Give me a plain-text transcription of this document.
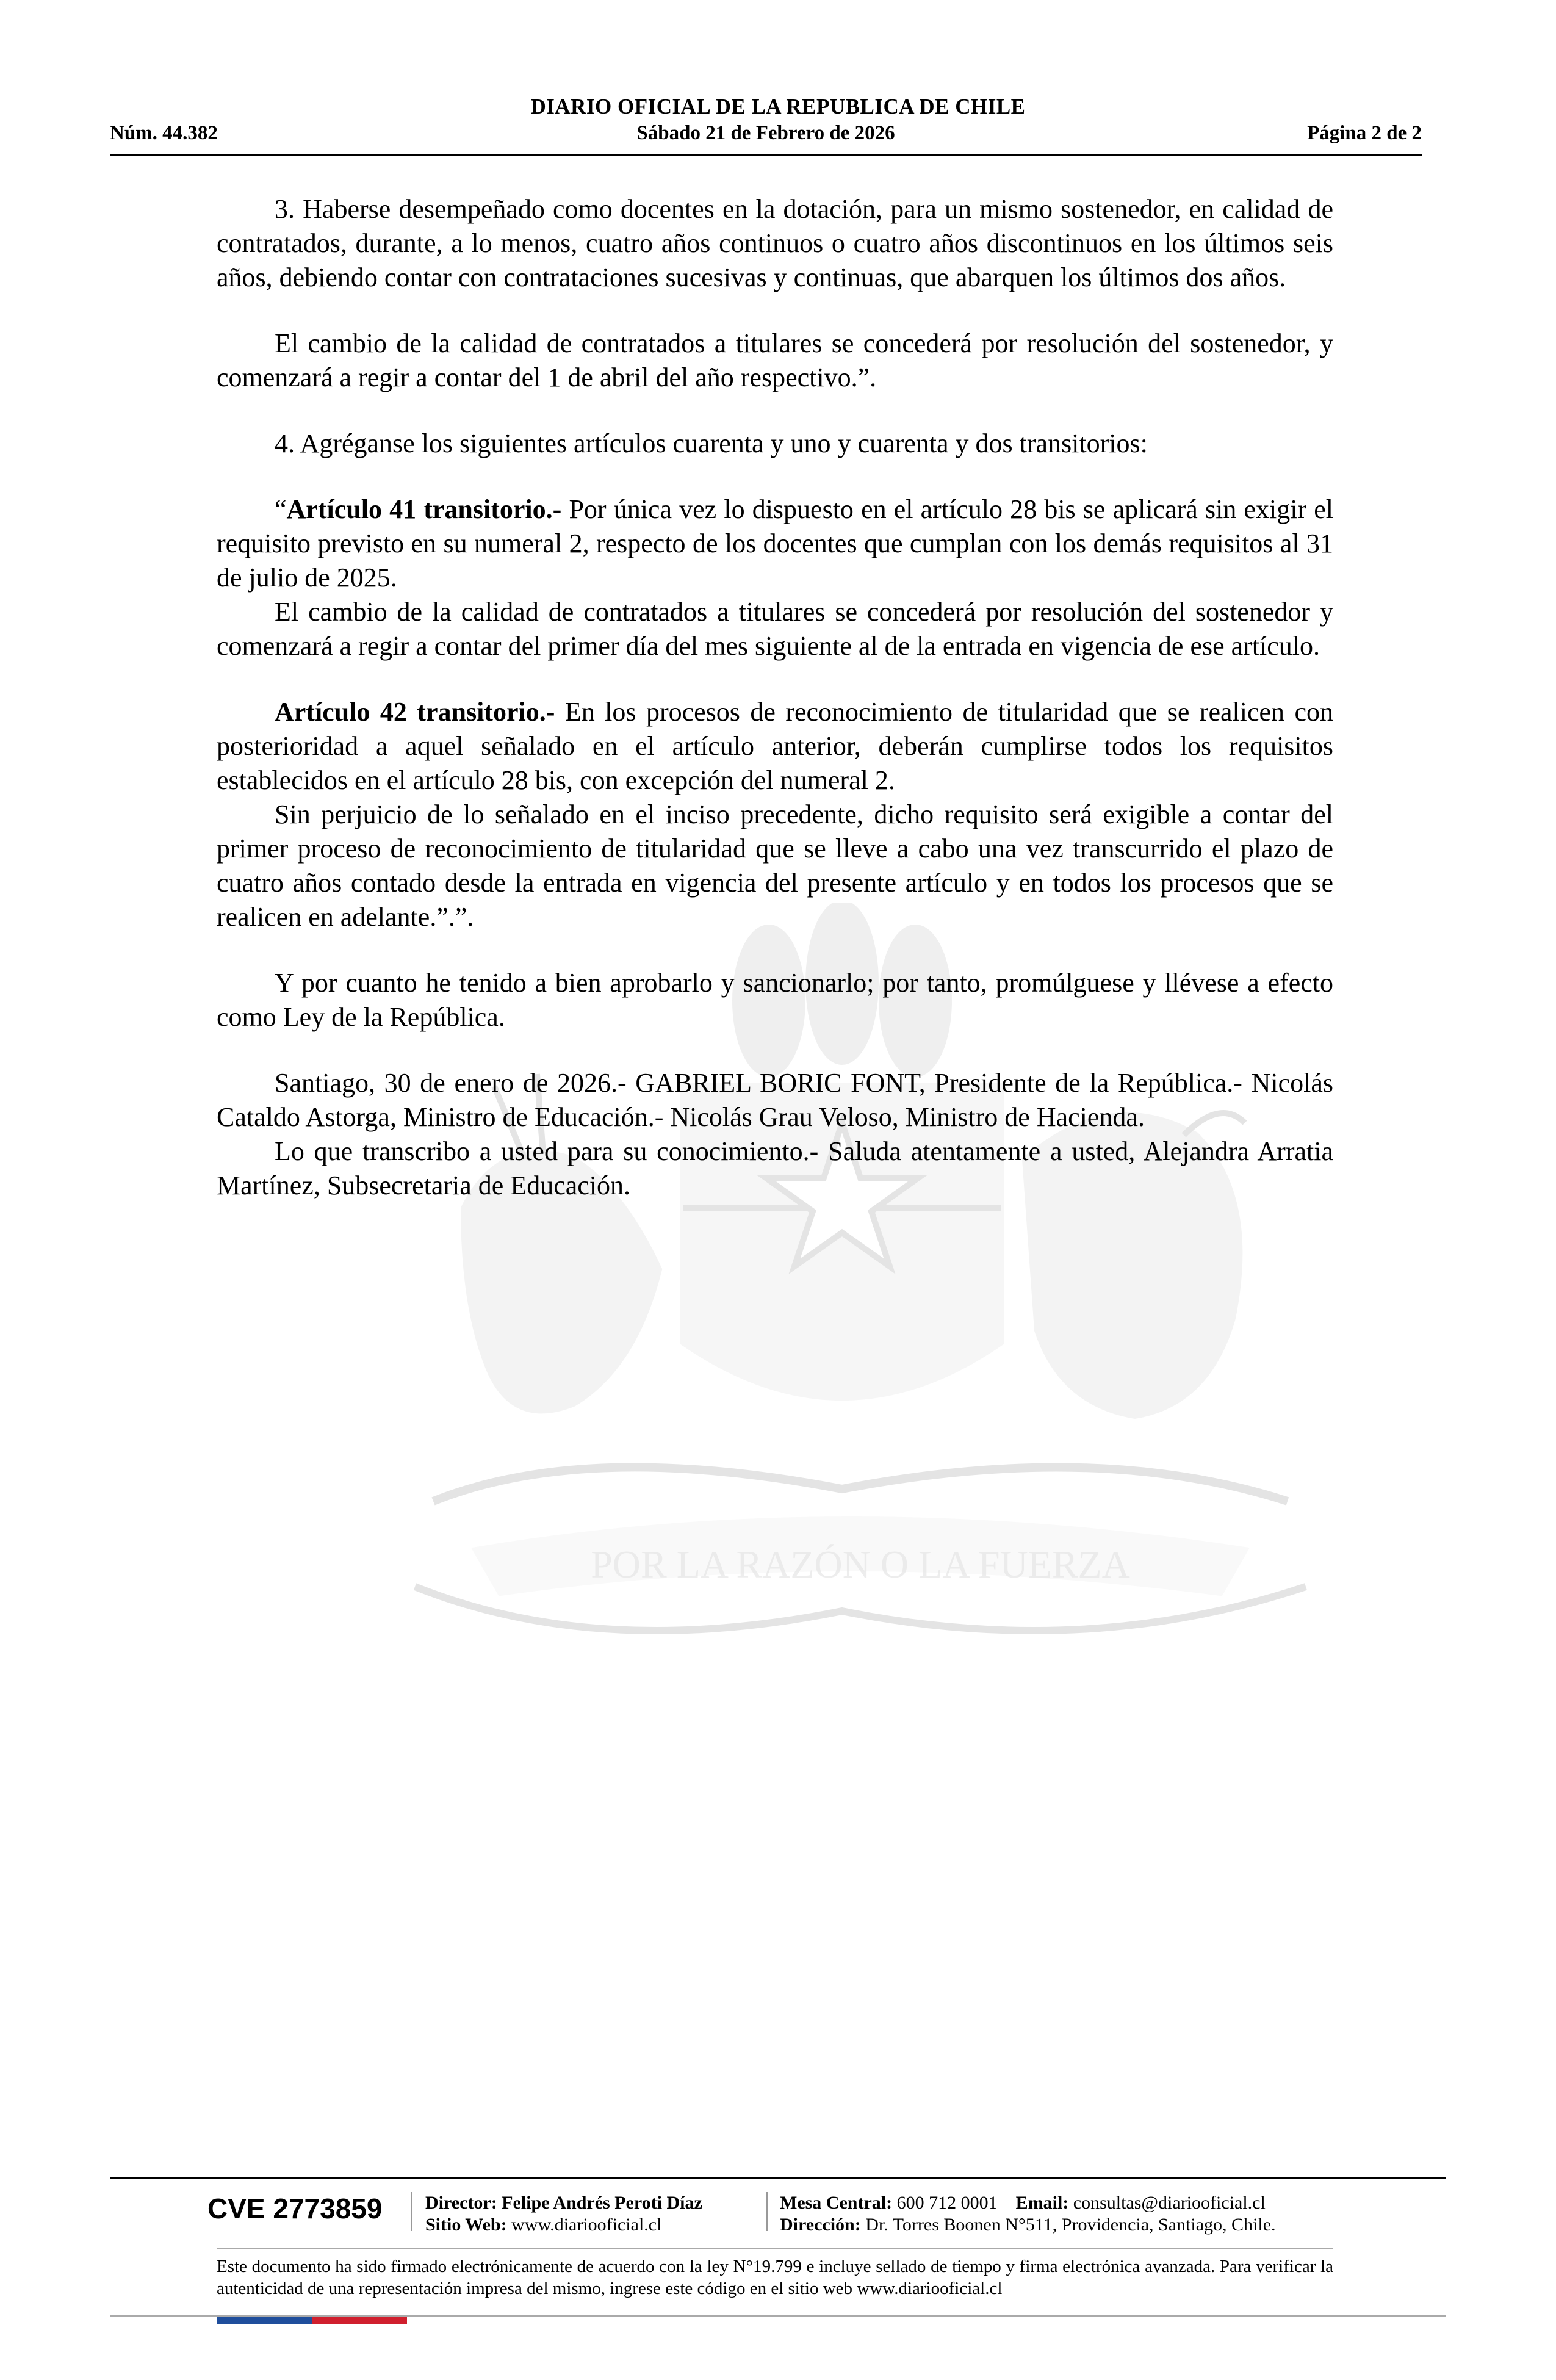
POR LA RAZÓN O LA FUERZA
DIARIO OFICIAL DE LA REPUBLICA DE CHILE
Núm. 44.382	Sábado 21 de Febrero de 2026	Página 2 de 2

3. Haberse desempeñado como docentes en la dotación, para un mismo sostenedor, en calidad de contratados, durante, a lo menos, cuatro años continuos o cuatro años discontinuos en los últimos seis años, debiendo contar con contrataciones sucesivas y continuas, que abarquen los últimos dos años.

El cambio de la calidad de contratados a titulares se concederá por resolución del sostenedor, y comenzará a regir a contar del 1 de abril del año respectivo.”.

4. Agréganse los siguientes artículos cuarenta y uno y cuarenta y dos transitorios:

“Artículo 41 transitorio.- Por única vez lo dispuesto en el artículo 28 bis se aplicará sin exigir el requisito previsto en su numeral 2, respecto de los docentes que cumplan con los demás requisitos al 31 de julio de 2025.

El cambio de la calidad de contratados a titulares se concederá por resolución del sostenedor y comenzará a regir a contar del primer día del mes siguiente al de la entrada en vigencia de ese artículo.

Artículo 42 transitorio.- En los procesos de reconocimiento de titularidad que se realicen con posterioridad a aquel señalado en el artículo anterior, deberán cumplirse todos los requisitos establecidos en el artículo 28 bis, con excepción del numeral 2.

Sin perjuicio de lo señalado en el inciso precedente, dicho requisito será exigible a contar del primer proceso de reconocimiento de titularidad que se lleve a cabo una vez transcurrido el plazo de cuatro años contado desde la entrada en vigencia del presente artículo y en todos los procesos que se realicen en adelante.”.”.

Y por cuanto he tenido a bien aprobarlo y sancionarlo; por tanto, promúlguese y llévese a efecto como Ley de la República.

Santiago, 30 de enero de 2026.- GABRIEL BORIC FONT, Presidente de la República.- Nicolás Cataldo Astorga, Ministro de Educación.- Nicolás Grau Veloso, Ministro de Hacienda.

Lo que transcribo a usted para su conocimiento.- Saluda atentamente a usted, Alejandra Arratia Martínez, Subsecretaria de Educación.

CVE 2773859 Director: Felipe Andrés Peroti Díaz
Sitio Web: www.diariooficial.cl
Mesa Central: 600 712 0001 Email: consultas@diariooficial.cl
Dirección: Dr. Torres Boonen N°511, Providencia, Santiago, Chile.
Este documento ha sido firmado electrónicamente de acuerdo con la ley N°19.799 e incluye sellado de tiempo y firma electrónica avanzada. Para verificar la autenticidad de una representación impresa del mismo, ingrese este código en el sitio web www.diariooficial.cl
